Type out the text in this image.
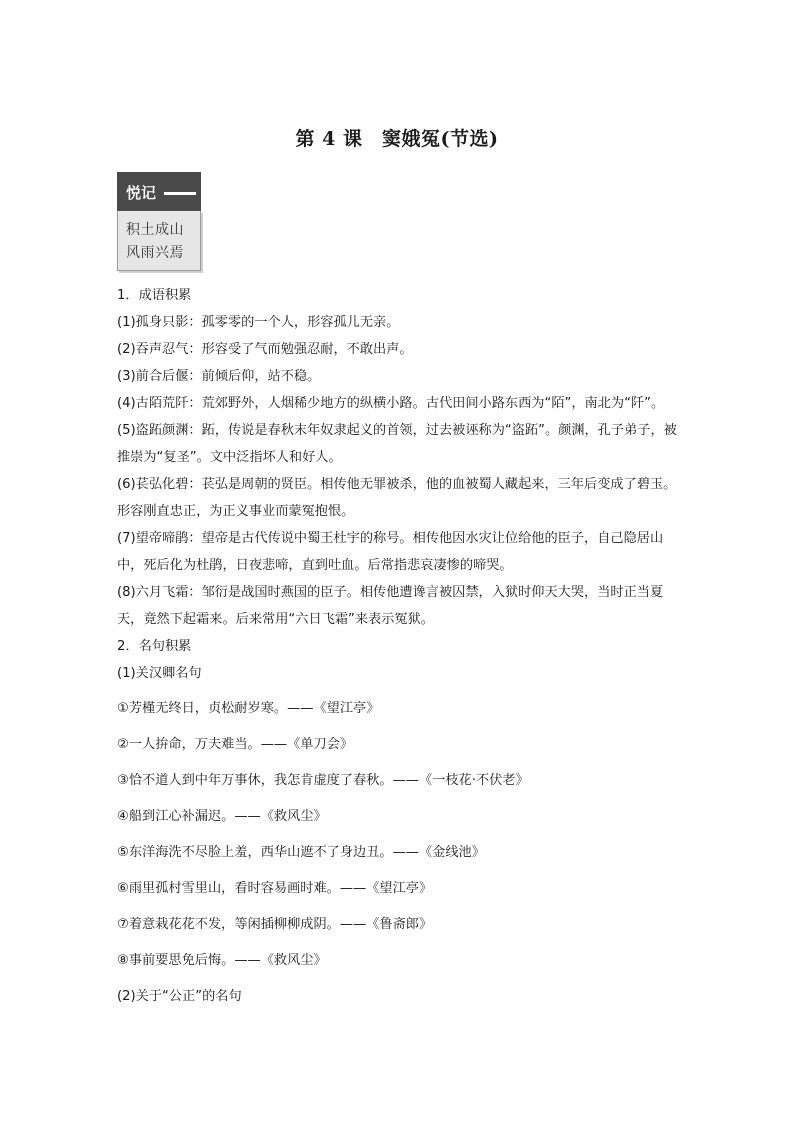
第 4 课　窦娥冤(节选)
悦记
积土成山
风雨兴焉

1．成语积累

(1)孤身只影：孤零零的一个人，形容孤儿无亲。

(2)吞声忍气：形容受了气而勉强忍耐，不敢出声。

(3)前合后偃：前倾后仰，站不稳。

(4)古陌荒阡：荒郊野外，人烟稀少地方的纵横小路。古代田间小路东西为“陌”，南北为“阡”。

(5)盗跖颜渊：跖，传说是春秋末年奴隶起义的首领，过去被诬称为“盗跖”。颜渊，孔子弟子，被推崇为“复圣”。文中泛指坏人和好人。

(6)苌弘化碧：苌弘是周朝的贤臣。相传他无罪被杀，他的血被蜀人藏起来，三年后变成了碧玉。形容刚直忠正，为正义事业而蒙冤抱恨。

(7)望帝啼鹃：望帝是古代传说中蜀王杜宇的称号。相传他因水灾让位给他的臣子，自己隐居山中，死后化为杜鹃，日夜悲啼，直到吐血。后常指悲哀凄惨的啼哭。

(8)六月飞霜：邹衍是战国时燕国的臣子。相传他遭谗言被囚禁，入狱时仰天大哭，当时正当夏天，竟然下起霜来。后来常用“六日飞霜”来表示冤狱。

2．名句积累

(1)关汉卿名句

①芳槿无终日，贞松耐岁寒。——《望江亭》

②一人拚命，万夫难当。——《单刀会》

③恰不道人到中年万事休，我怎肯虚度了春秋。——《一枝花·不伏老》

④船到江心补漏迟。——《救风尘》

⑤东洋海洗不尽脸上羞，西华山遮不了身边丑。——《金线池》

⑥雨里孤村雪里山，看时容易画时难。——《望江亭》

⑦着意栽花花不发，等闲插柳柳成阴。——《鲁斋郎》

⑧事前要思免后悔。——《救风尘》

(2)关于“公正”的名句
